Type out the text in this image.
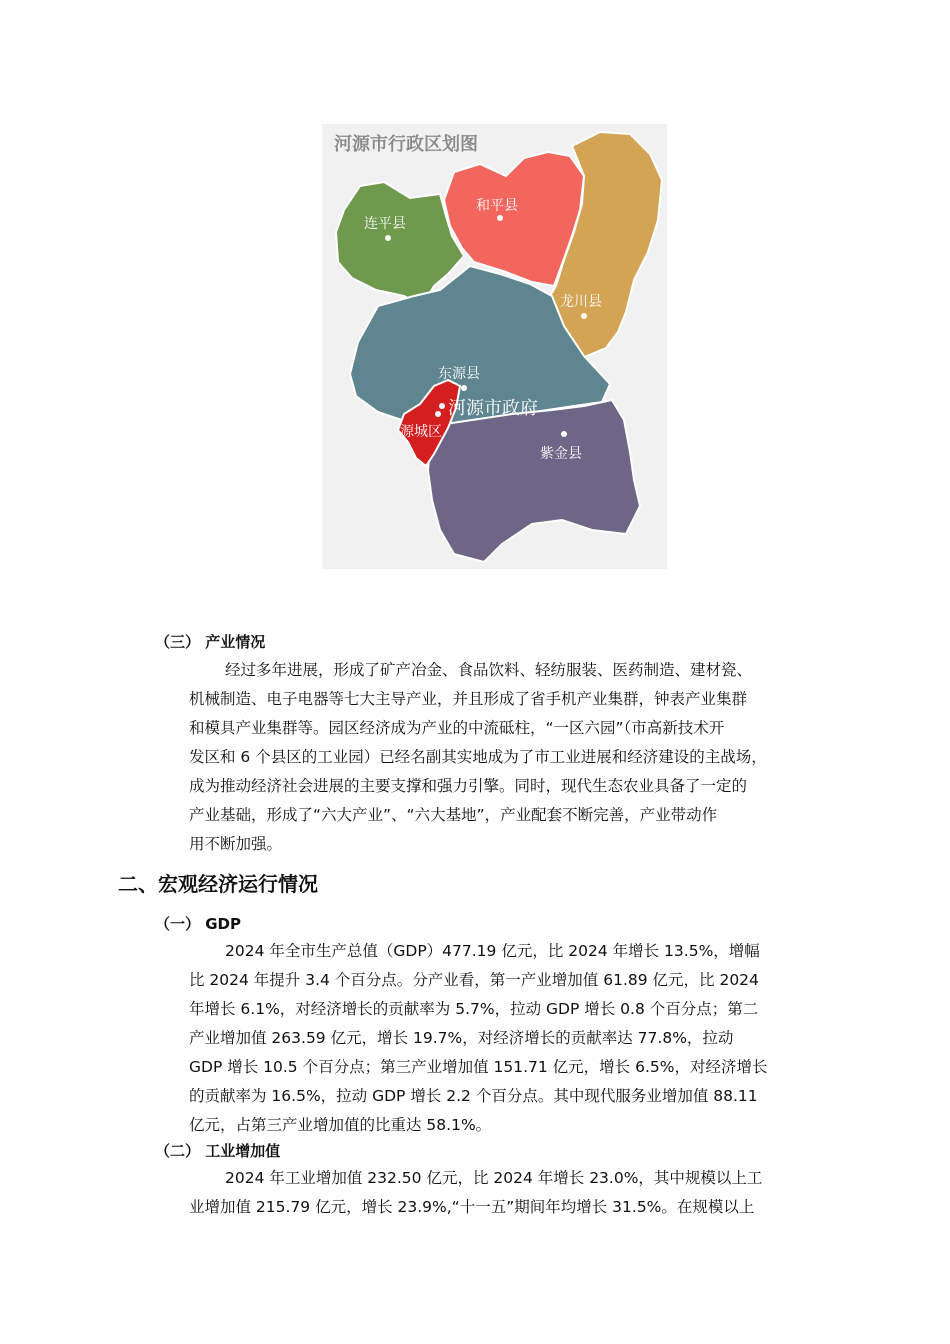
河源市行政区划图
连平县
和平县
龙川县
东源县
河源市政府
源城区
紫金县
（三） 产业情况
经过多年进展，形成了矿产冶金、食品饮料、轻纺服装、医药制造、建材瓷、
机械制造、电子电器等七大主导产业，并且形成了省手机产业集群，钟表产业集群
和模具产业集群等。园区经济成为产业的中流砥柱，“一区六园”（市高新技术开
发区和 6 个县区的工业园）已经名副其实地成为了市工业进展和经济建设的主战场，
成为推动经济社会进展的主要支撑和强力引擎。同时，现代生态农业具备了一定的
产业基础，形成了“六大产业”、“六大基地”，产业配套不断完善，产业带动作
用不断加强。
二、宏观经济运行情况
（一） GDP
2024 年全市生产总值（GDP）477.19 亿元，比 2024 年增长 13.5%，增幅
比 2024 年提升 3.4 个百分点。分产业看，第一产业增加值 61.89 亿元，比 2024
年增长 6.1%，对经济增长的贡献率为 5.7%，拉动 GDP 增长 0.8 个百分点；第二
产业增加值 263.59 亿元，增长 19.7%，对经济增长的贡献率达 77.8%，拉动
GDP 增长 10.5 个百分点；第三产业增加值 151.71 亿元，增长 6.5%，对经济增长
的贡献率为 16.5%，拉动 GDP 增长 2.2 个百分点。其中现代服务业增加值 88.11
亿元，占第三产业增加值的比重达 58.1%。
（二） 工业增加值
2024 年工业增加值 232.50 亿元，比 2024 年增长 23.0%，其中规模以上工
业增加值 215.79 亿元，增长 23.9%,“十一五”期间年均增长 31.5%。在规模以上
